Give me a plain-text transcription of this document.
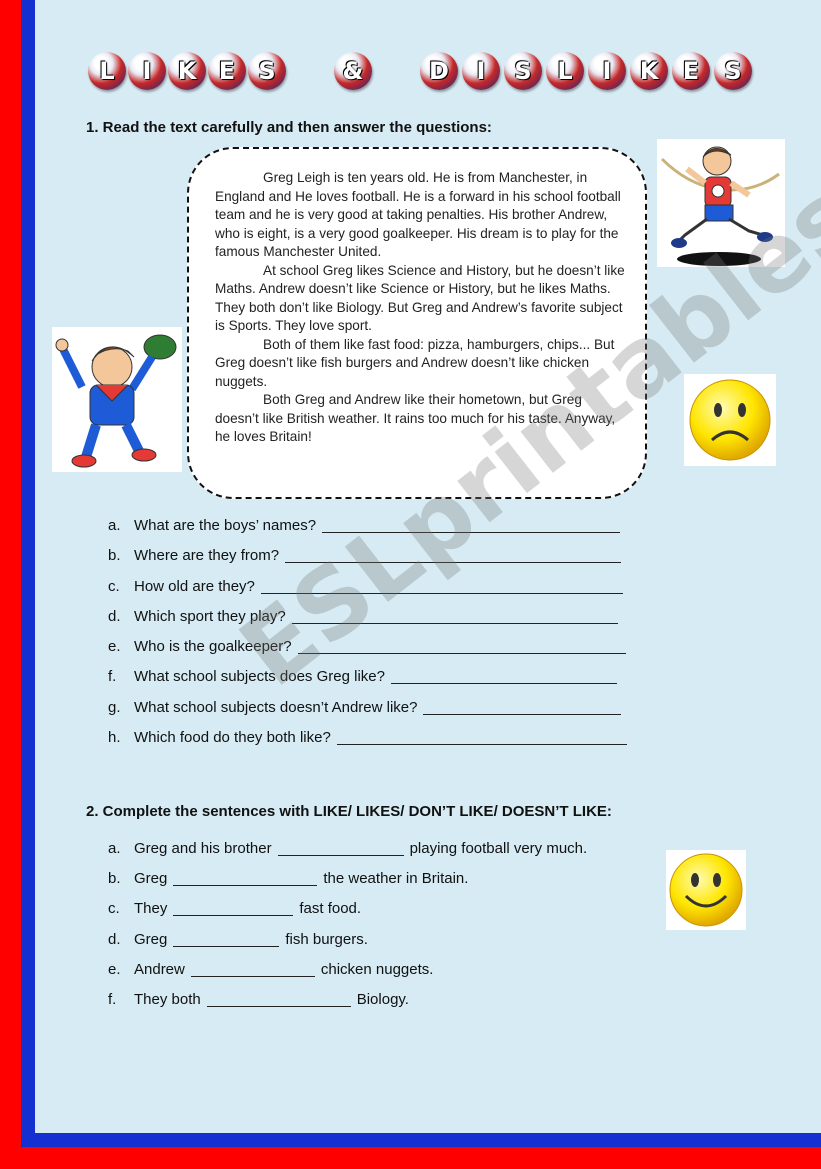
L I K E S	&	D I S L I K E S
1. Read the text carefully and then answer the questions:

Greg Leigh is ten years old. He is from Manchester, in England and He loves football. He is a forward in his school football team and he is very good at taking penalties. His brother Andrew, who is eight, is a very good goalkeeper. His dream is to play for the famous Manchester United.

At school Greg likes Science and History, but he doesn’t like Maths. Andrew doesn’t like Science or History, but he likes Maths. They both don’t like Biology. But Greg and Andrew’s favorite subject is Sports. They love sport.

Both of them like fast food: pizza, hamburgers, chips... But Greg doesn’t like fish burgers and Andrew doesn’t like chicken nuggets.

Both Greg and Andrew like their hometown, but Greg doesn’t like British weather. It rains too much for his taste. Anyway, he loves Britain!

a. What are the boys’ names?
b. Where are they from?
c. How old are they?
d. Which sport they play?
e. Who is the goalkeeper?
f.	What school subjects does Greg like?
g. What school subjects doesn’t Andrew like?
h. Which food do they both like?
2. Complete the sentences with LIKE/ LIKES/ DON’T LIKE/ DOESN’T LIKE:
a. Greg and his brother	playing football very much.
b. Greg	the weather in Britain.
c. They	fast food.
d. Greg	fish burgers.
e. Andrew	chicken nuggets.
f.	They both	Biology.
